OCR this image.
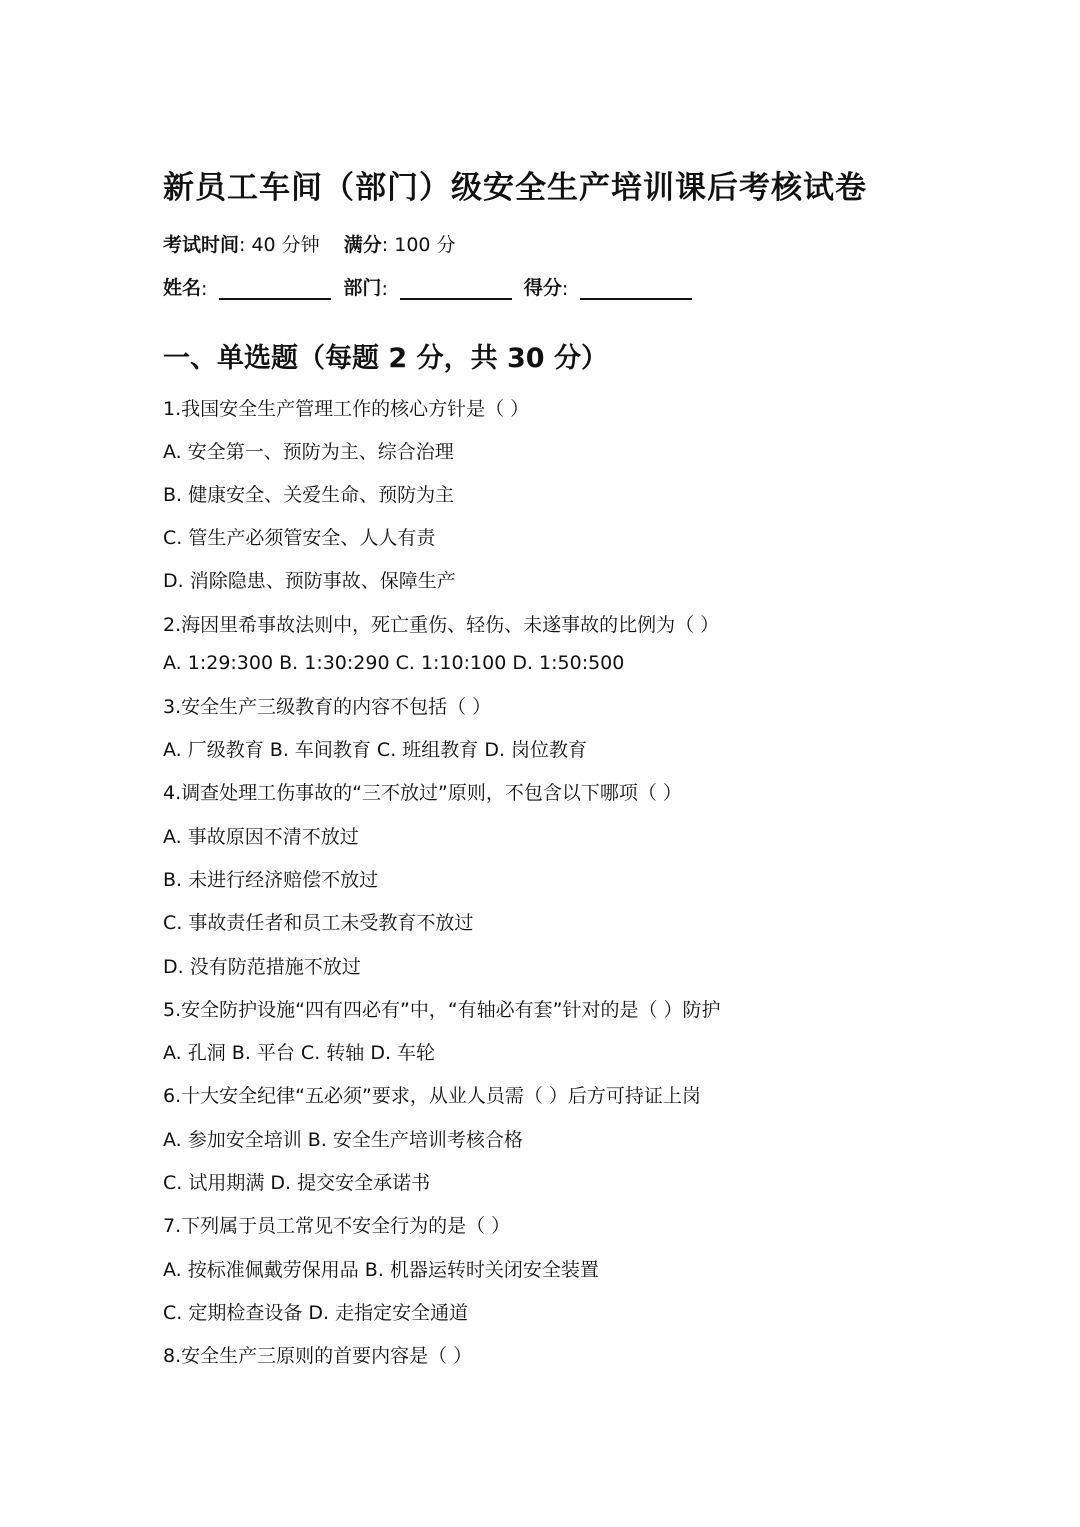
新员工车间（部门）级安全生产培训课后考核试卷
考试时间: 40 分钟 满分: 100 分
姓名 :	部门 :	得分 :
一、单选题（每题 2 分，共 30 分）
1.我国安全生产管理工作的核心方针是（ ）
A. 安全第一、预防为主、综合治理
B. 健康安全、关爱生命、预防为主
C. 管生产必须管安全、人人有责
D. 消除隐患、预防事故、保障生产
2.海因里希事故法则中，死亡重伤、轻伤、未遂事故的比例为（ ）
A. 1:29:300 B. 1:30:290 C. 1:10:100 D. 1:50:500
3.安全生产三级教育的内容不包括（ ）
A. 厂级教育 B. 车间教育 C. 班组教育 D. 岗位教育
4.调查处理工伤事故的“三不放过”原则，不包含以下哪项（ ）
A. 事故原因不清不放过
B. 未进行经济赔偿不放过
C. 事故责任者和员工未受教育不放过
D. 没有防范措施不放过
5.安全防护设施“四有四必有”中，“有轴必有套”针对的是（ ）防护
A. 孔洞 B. 平台 C. 转轴 D. 车轮
6.十大安全纪律“五必须”要求，从业人员需（ ）后方可持证上岗
A. 参加安全培训 B. 安全生产培训考核合格
C. 试用期满 D. 提交安全承诺书
7.下列属于员工常见不安全行为的是（ ）
A. 按标准佩戴劳保用品 B. 机器运转时关闭安全装置
C. 定期检查设备 D. 走指定安全通道
8.安全生产三原则的首要内容是（ ）
